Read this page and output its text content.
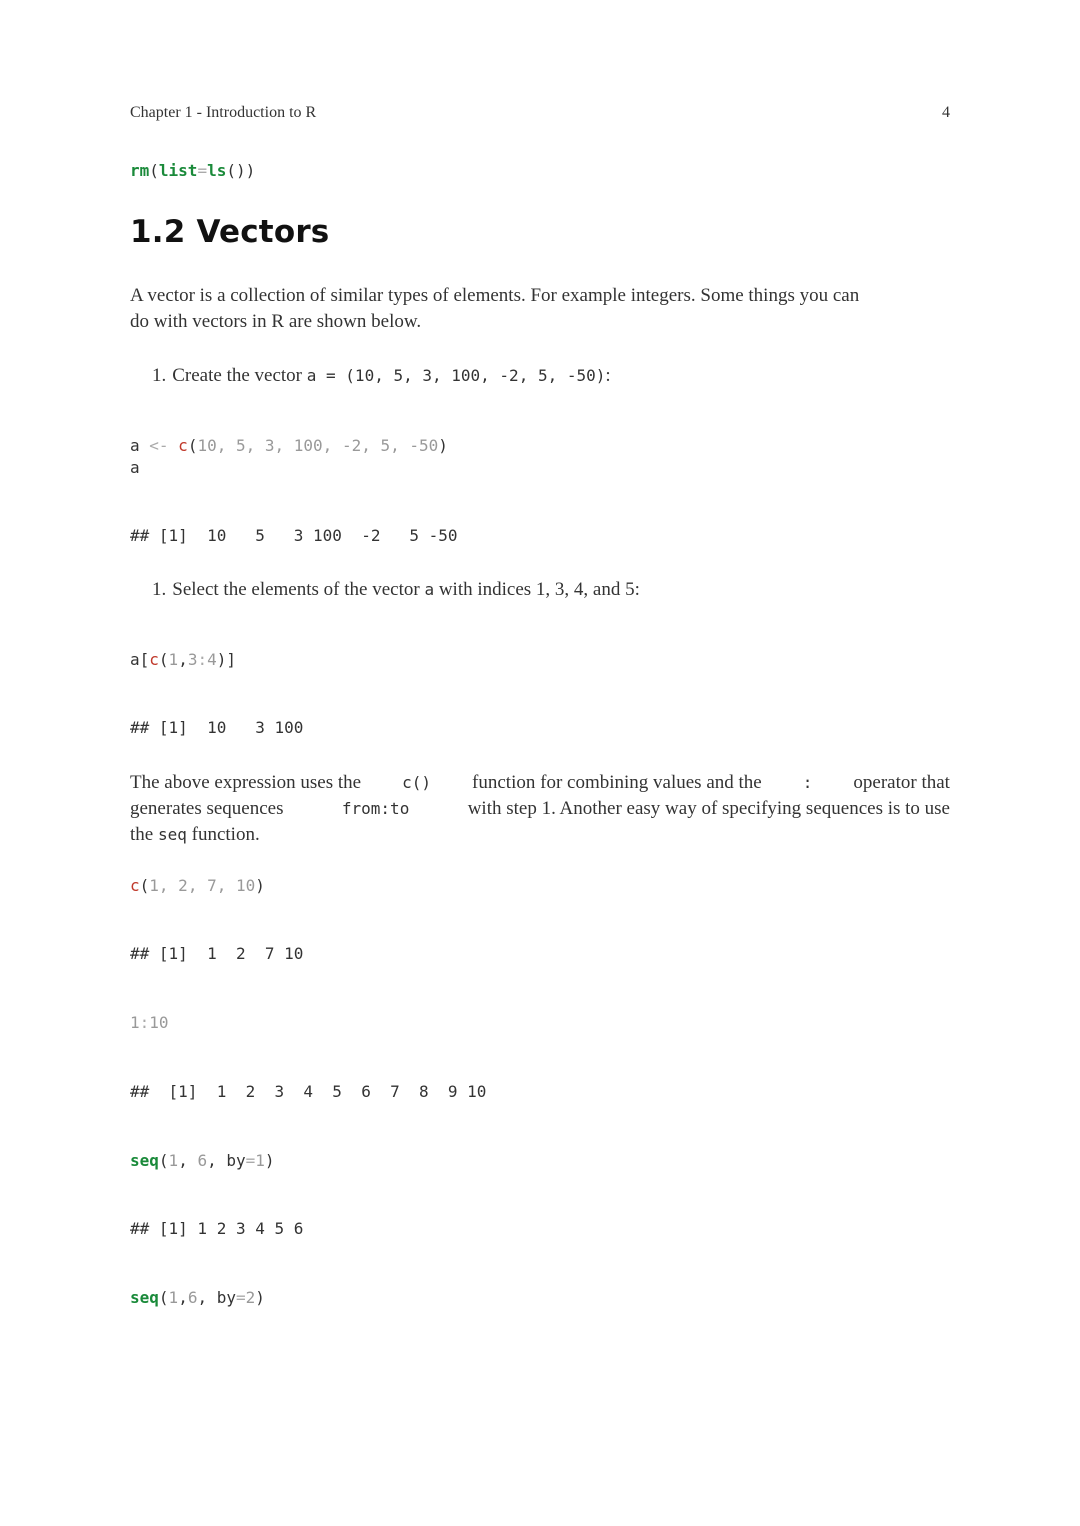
Chapter 1 - Introduction to R	4
rm(list=ls())
1.2 Vectors
A vector is a collection of similar types of elements. For example integers. Some things you can
do with vectors in R are shown below.
1. Create the vector a = (10, 5, 3, 100, -2, 5, -50):
a <- c(10, 5, 3, 100, -2, 5, -50)
a
## [1]  10   5   3 100  -2   5 -50
1. Select the elements of the vector a with indices 1, 3, 4, and 5:
a[c(1,3:4)]
## [1]  10   3 100
The above expression uses the	c() function for combining values and the	: operator that
generates sequences	from:to	with step 1. Another easy way of specifying sequences is to use
the seq function.
c(1, 2, 7, 10)
## [1]  1  2  7 10
1:10
##  [1]  1  2  3  4  5  6  7  8  9 10
seq(1, 6, by=1)
## [1] 1 2 3 4 5 6
seq(1,6, by=2)
